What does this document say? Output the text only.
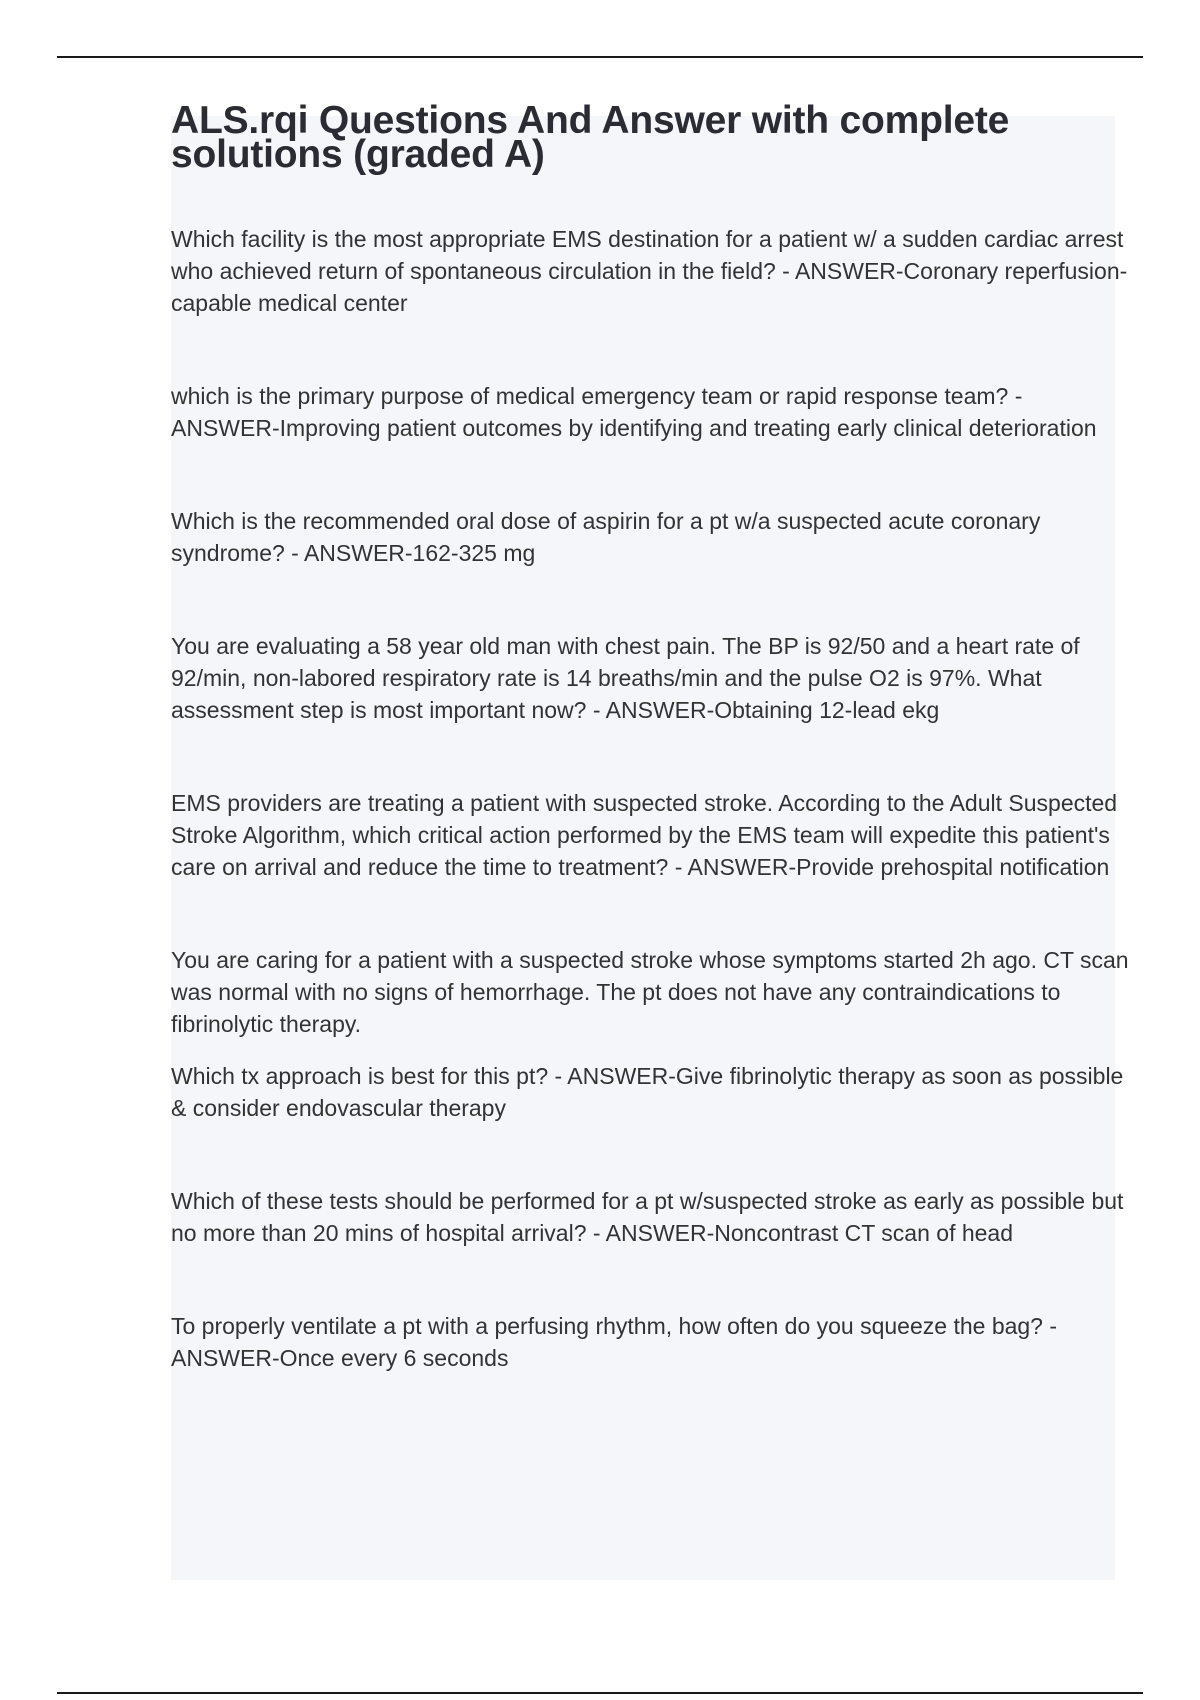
ALS.rqi Questions And Answer with complete solutions (graded A)

Which facility is the most appropriate EMS destination for a patient w/ a sudden cardiac arrest who achieved return of spontaneous circulation in the field? - ANSWER-Coronary reperfusion-capable medical center

which is the primary purpose of medical emergency team or rapid response team? - ANSWER-Improving patient outcomes by identifying and treating early clinical deterioration

Which is the recommended oral dose of aspirin for a pt w/a suspected acute coronary syndrome? - ANSWER-162-325 mg

You are evaluating a 58 year old man with chest pain. The BP is 92/50 and a heart rate of 92/min, non-labored respiratory rate is 14 breaths/min and the pulse O2 is 97%. What assessment step is most important now? - ANSWER-Obtaining 12-lead ekg

EMS providers are treating a patient with suspected stroke. According to the Adult Suspected Stroke Algorithm, which critical action performed by the EMS team will expedite this patient's care on arrival and reduce the time to treatment? - ANSWER-Provide prehospital notification

You are caring for a patient with a suspected stroke whose symptoms started 2h ago. CT scan was normal with no signs of hemorrhage. The pt does not have any contraindications to fibrinolytic therapy.

Which tx approach is best for this pt? - ANSWER-Give fibrinolytic therapy as soon as possible & consider endovascular therapy

Which of these tests should be performed for a pt w/suspected stroke as early as possible but no more than 20 mins of hospital arrival? - ANSWER-Noncontrast CT scan of head

To properly ventilate a pt with a perfusing rhythm, how often do you squeeze the bag? - ANSWER-Once every 6 seconds
